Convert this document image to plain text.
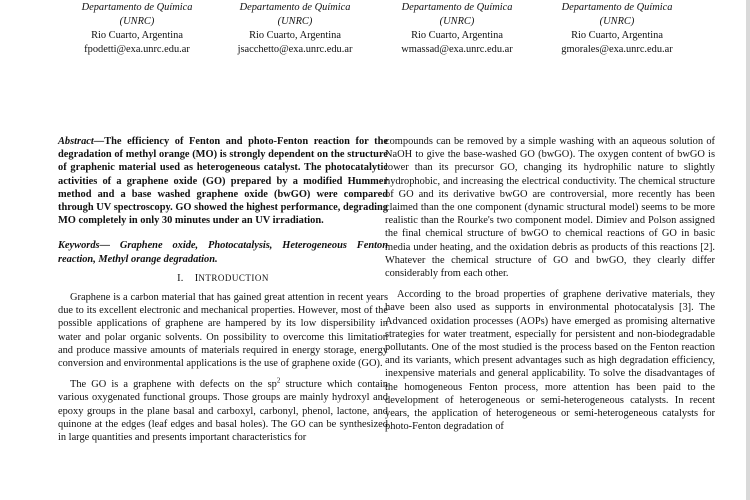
Departamento de Química
(UNRC)
Rio Cuarto, Argentina
fpodetti@exa.unrc.edu.ar

Departamento de Química
(UNRC)
Rio Cuarto, Argentina
jsacchetto@exa.unrc.edu.ar

Departamento de Química
(UNRC)
Rio Cuarto, Argentina
wmassad@exa.unrc.edu.ar
Departamento de Química
(UNRC)
Rio Cuarto, Argentina
gmorales@exa.unrc.edu.ar

Abstract—The efficiency of Fenton and photo-Fenton reaction for the degradation of methyl orange (MO) is strongly dependent on the structure of graphenic material used as heterogeneous catalyst. The photocatalytic activities of a graphene oxide (GO) prepared by a modified Hummer method and a base washed graphene oxide (bwGO) were compared through UV spectroscopy. GO showed the highest performance, degrading MO completely in only 30 minutes under an UV irradiation.

Keywords— Graphene oxide, Photocatalysis, Heterogeneous Fenton reaction, Methyl orange degradation.

I. INTRODUCTION

Graphene is a carbon material that has gained great attention in recent years due to its excellent electronic and mechanical properties. However, most of the possible applications of graphene are hampered by its low dispersibility in water and polar organic solvents. On possibility to overcome this limitation and produce massive amounts of materials required in energy storage, energy conversion and environmental applications is the use of graphene oxide (GO).

The GO is a graphene with defects on the $sp^2$ structure which contain various oxygenated functional groups. Those groups are mainly hydroxyl and epoxy groups in the plane basal and carboxyl, carbonyl, phenol, lactone, and quinone at the edges (leaf edges and basal holes). The GO can be synthesized in large quantities and presents important characteristics for

compounds can be removed by a simple washing with an aqueous solution of NaOH to give the base-washed GO (bwGO). The oxygen content of bwGO is lower than its precursor GO, changing its hydrophilic nature to slightly hydrophobic, and increasing the electrical conductivity. The chemical structure of GO and its derivative bwGO are controversial, more recently has been claimed than the one component (dynamic structural model) seems to be more realistic than the Rourke's two component model. Dimiev and Polson assigned the final chemical structure of bwGO to chemical reactions of GO in basic media under heating, and the oxidation debris as products of this reactions [2]. Whatever the chemical structure of GO and bwGO, they clearly differ considerably from each other.

According to the broad properties of graphene derivative materials, they have been also used as supports in environmental photocatalysis [3]. The Advanced oxidation processes (AOPs) have emerged as promising alternative strategies for water treatment, especially for persistent and non-biodegradable pollutants. One of the most studied is the process based on the Fenton reaction and its variants, which present advantages such as high degradation efficiency, inexpensive materials and general applicability. To solve the disadvantages of the homogeneous Fenton process, more attention has been paid to the development of heterogeneous or semi-heterogeneous catalysts. In recent years, the application of heterogeneous or semi-heterogeneous catalysts for photo-Fenton degradation of
